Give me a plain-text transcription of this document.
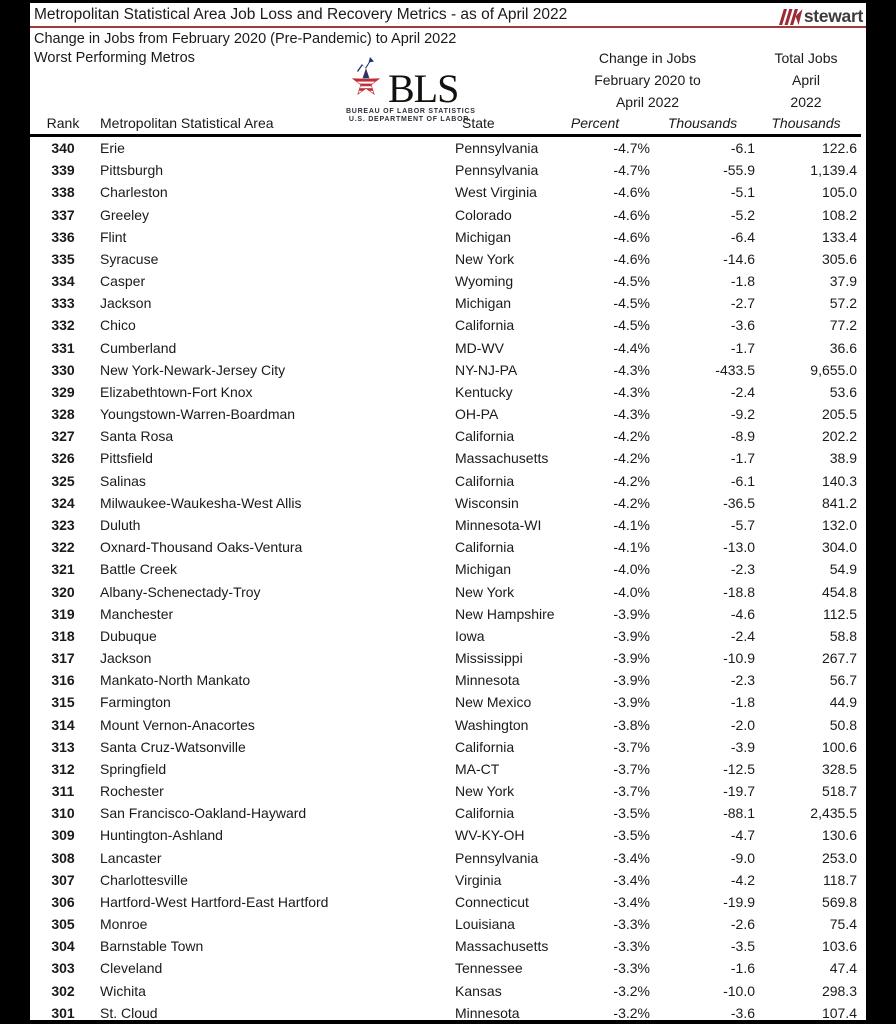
Metropolitan Statistical Area Job Loss and Recovery Metrics - as of April 2022	stewart
Change in Jobs from February 2020 (Pre-Pandemic) to April 2022
Worst Performing Metros
BLS
BUREAU OF LABOR STATISTICS
U.S. DEPARTMENT OF LABOR
Change in Jobs
February 2020 to
April 2022
Total Jobs
April
2022
Rank	Metropolitan Statistical Area	State	Percent	Thousands	Thousands
340	Erie	Pennsylvania	-4.7%	-6.1	122.6
339	Pittsburgh	Pennsylvania	-4.7%	-55.9	1,139.4
338	Charleston	West Virginia	-4.6%	-5.1	105.0
337	Greeley	Colorado	-4.6%	-5.2	108.2
336	Flint	Michigan	-4.6%	-6.4	133.4
335	Syracuse	New York	-4.6%	-14.6	305.6
334	Casper	Wyoming	-4.5%	-1.8	37.9
333	Jackson	Michigan	-4.5%	-2.7	57.2
332	Chico	California	-4.5%	-3.6	77.2
331	Cumberland	MD-WV	-4.4%	-1.7	36.6
330	New York-Newark-Jersey City	NY-NJ-PA	-4.3%	-433.5	9,655.0
329	Elizabethtown-Fort Knox	Kentucky	-4.3%	-2.4	53.6
328	Youngstown-Warren-Boardman	OH-PA	-4.3%	-9.2	205.5
327	Santa Rosa	California	-4.2%	-8.9	202.2
326	Pittsfield	Massachusetts	-4.2%	-1.7	38.9
325	Salinas	California	-4.2%	-6.1	140.3
324	Milwaukee-Waukesha-West Allis	Wisconsin	-4.2%	-36.5	841.2
323	Duluth	Minnesota-WI	-4.1%	-5.7	132.0
322	Oxnard-Thousand Oaks-Ventura	California	-4.1%	-13.0	304.0
321	Battle Creek	Michigan	-4.0%	-2.3	54.9
320	Albany-Schenectady-Troy	New York	-4.0%	-18.8	454.8
319	Manchester	New Hampshire	-3.9%	-4.6	112.5
318	Dubuque	Iowa	-3.9%	-2.4	58.8
317	Jackson	Mississippi	-3.9%	-10.9	267.7
316	Mankato-North Mankato	Minnesota	-3.9%	-2.3	56.7
315	Farmington	New Mexico	-3.9%	-1.8	44.9
314	Mount Vernon-Anacortes	Washington	-3.8%	-2.0	50.8
313	Santa Cruz-Watsonville	California	-3.7%	-3.9	100.6
312	Springfield	MA-CT	-3.7%	-12.5	328.5
311	Rochester	New York	-3.7%	-19.7	518.7
310	San Francisco-Oakland-Hayward	California	-3.5%	-88.1	2,435.5
309	Huntington-Ashland	WV-KY-OH	-3.5%	-4.7	130.6
308	Lancaster	Pennsylvania	-3.4%	-9.0	253.0
307	Charlottesville	Virginia	-3.4%	-4.2	118.7
306	Hartford-West Hartford-East Hartford	Connecticut	-3.4%	-19.9	569.8
305	Monroe	Louisiana	-3.3%	-2.6	75.4
304	Barnstable Town	Massachusetts	-3.3%	-3.5	103.6
303	Cleveland	Tennessee	-3.3%	-1.6	47.4
302	Wichita	Kansas	-3.2%	-10.0	298.3
301	St. Cloud	Minnesota	-3.2%	-3.6	107.4
